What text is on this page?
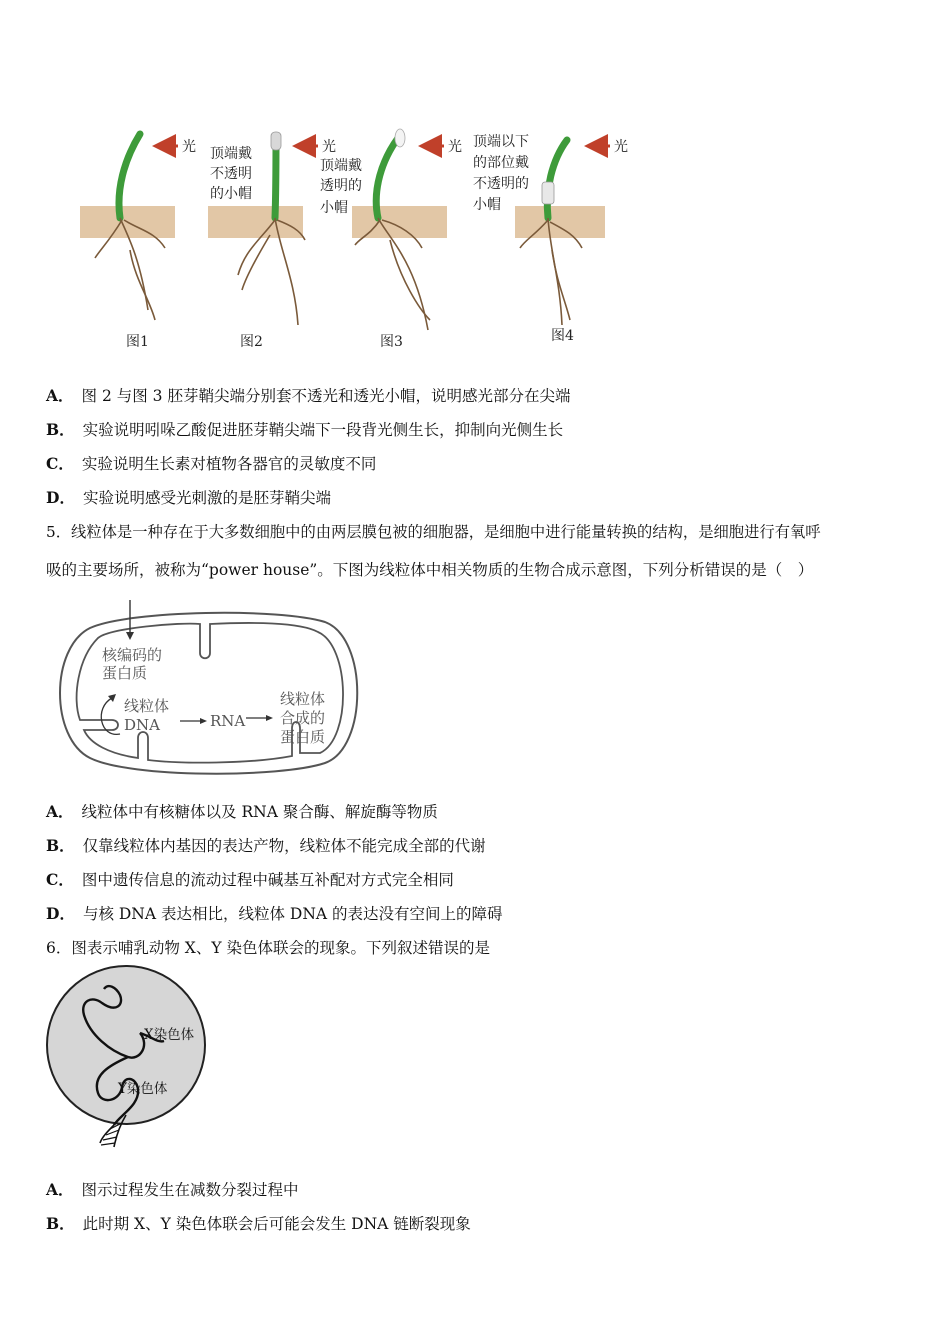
光	光	光	光
顶端戴
不透明
的小帽
顶端戴
透明的
小帽
顶端以下
的部位戴
不透明的
小帽
图1	图2	图3	图4
A． 图 2 与图 3 胚芽鞘尖端分别套不透光和透光小帽，说明感光部分在尖端
B． 实验说明吲哚乙酸促进胚芽鞘尖端下一段背光侧生长，抑制向光侧生长
C． 实验说明生长素对植物各器官的灵敏度不同
D． 实验说明感受光刺激的是胚芽鞘尖端
5．线粒体是一种存在于大多数细胞中的由两层膜包被的细胞器，是细胞中进行能量转换的结构，是细胞进行有氧呼
吸的主要场所，被称为“power house”。下图为线粒体中相关物质的生物合成示意图，下列分析错误的是（　）
核编码的
蛋白质
线粒体
DNA	RNA
线粒体
合成的
蛋白质
A． 线粒体中有核糖体以及 RNA 聚合酶、解旋酶等物质
B． 仅靠线粒体内基因的表达产物，线粒体不能完成全部的代谢
C． 图中遗传信息的流动过程中碱基互补配对方式完全相同
D． 与核 DNA 表达相比，线粒体 DNA 的表达没有空间上的障碍
6．图表示哺乳动物 X、Y 染色体联会的现象。下列叙述错误的是
X染色体
Y染色体
A． 图示过程发生在减数分裂过程中
B． 此时期 X、Y 染色体联会后可能会发生 DNA 链断裂现象
